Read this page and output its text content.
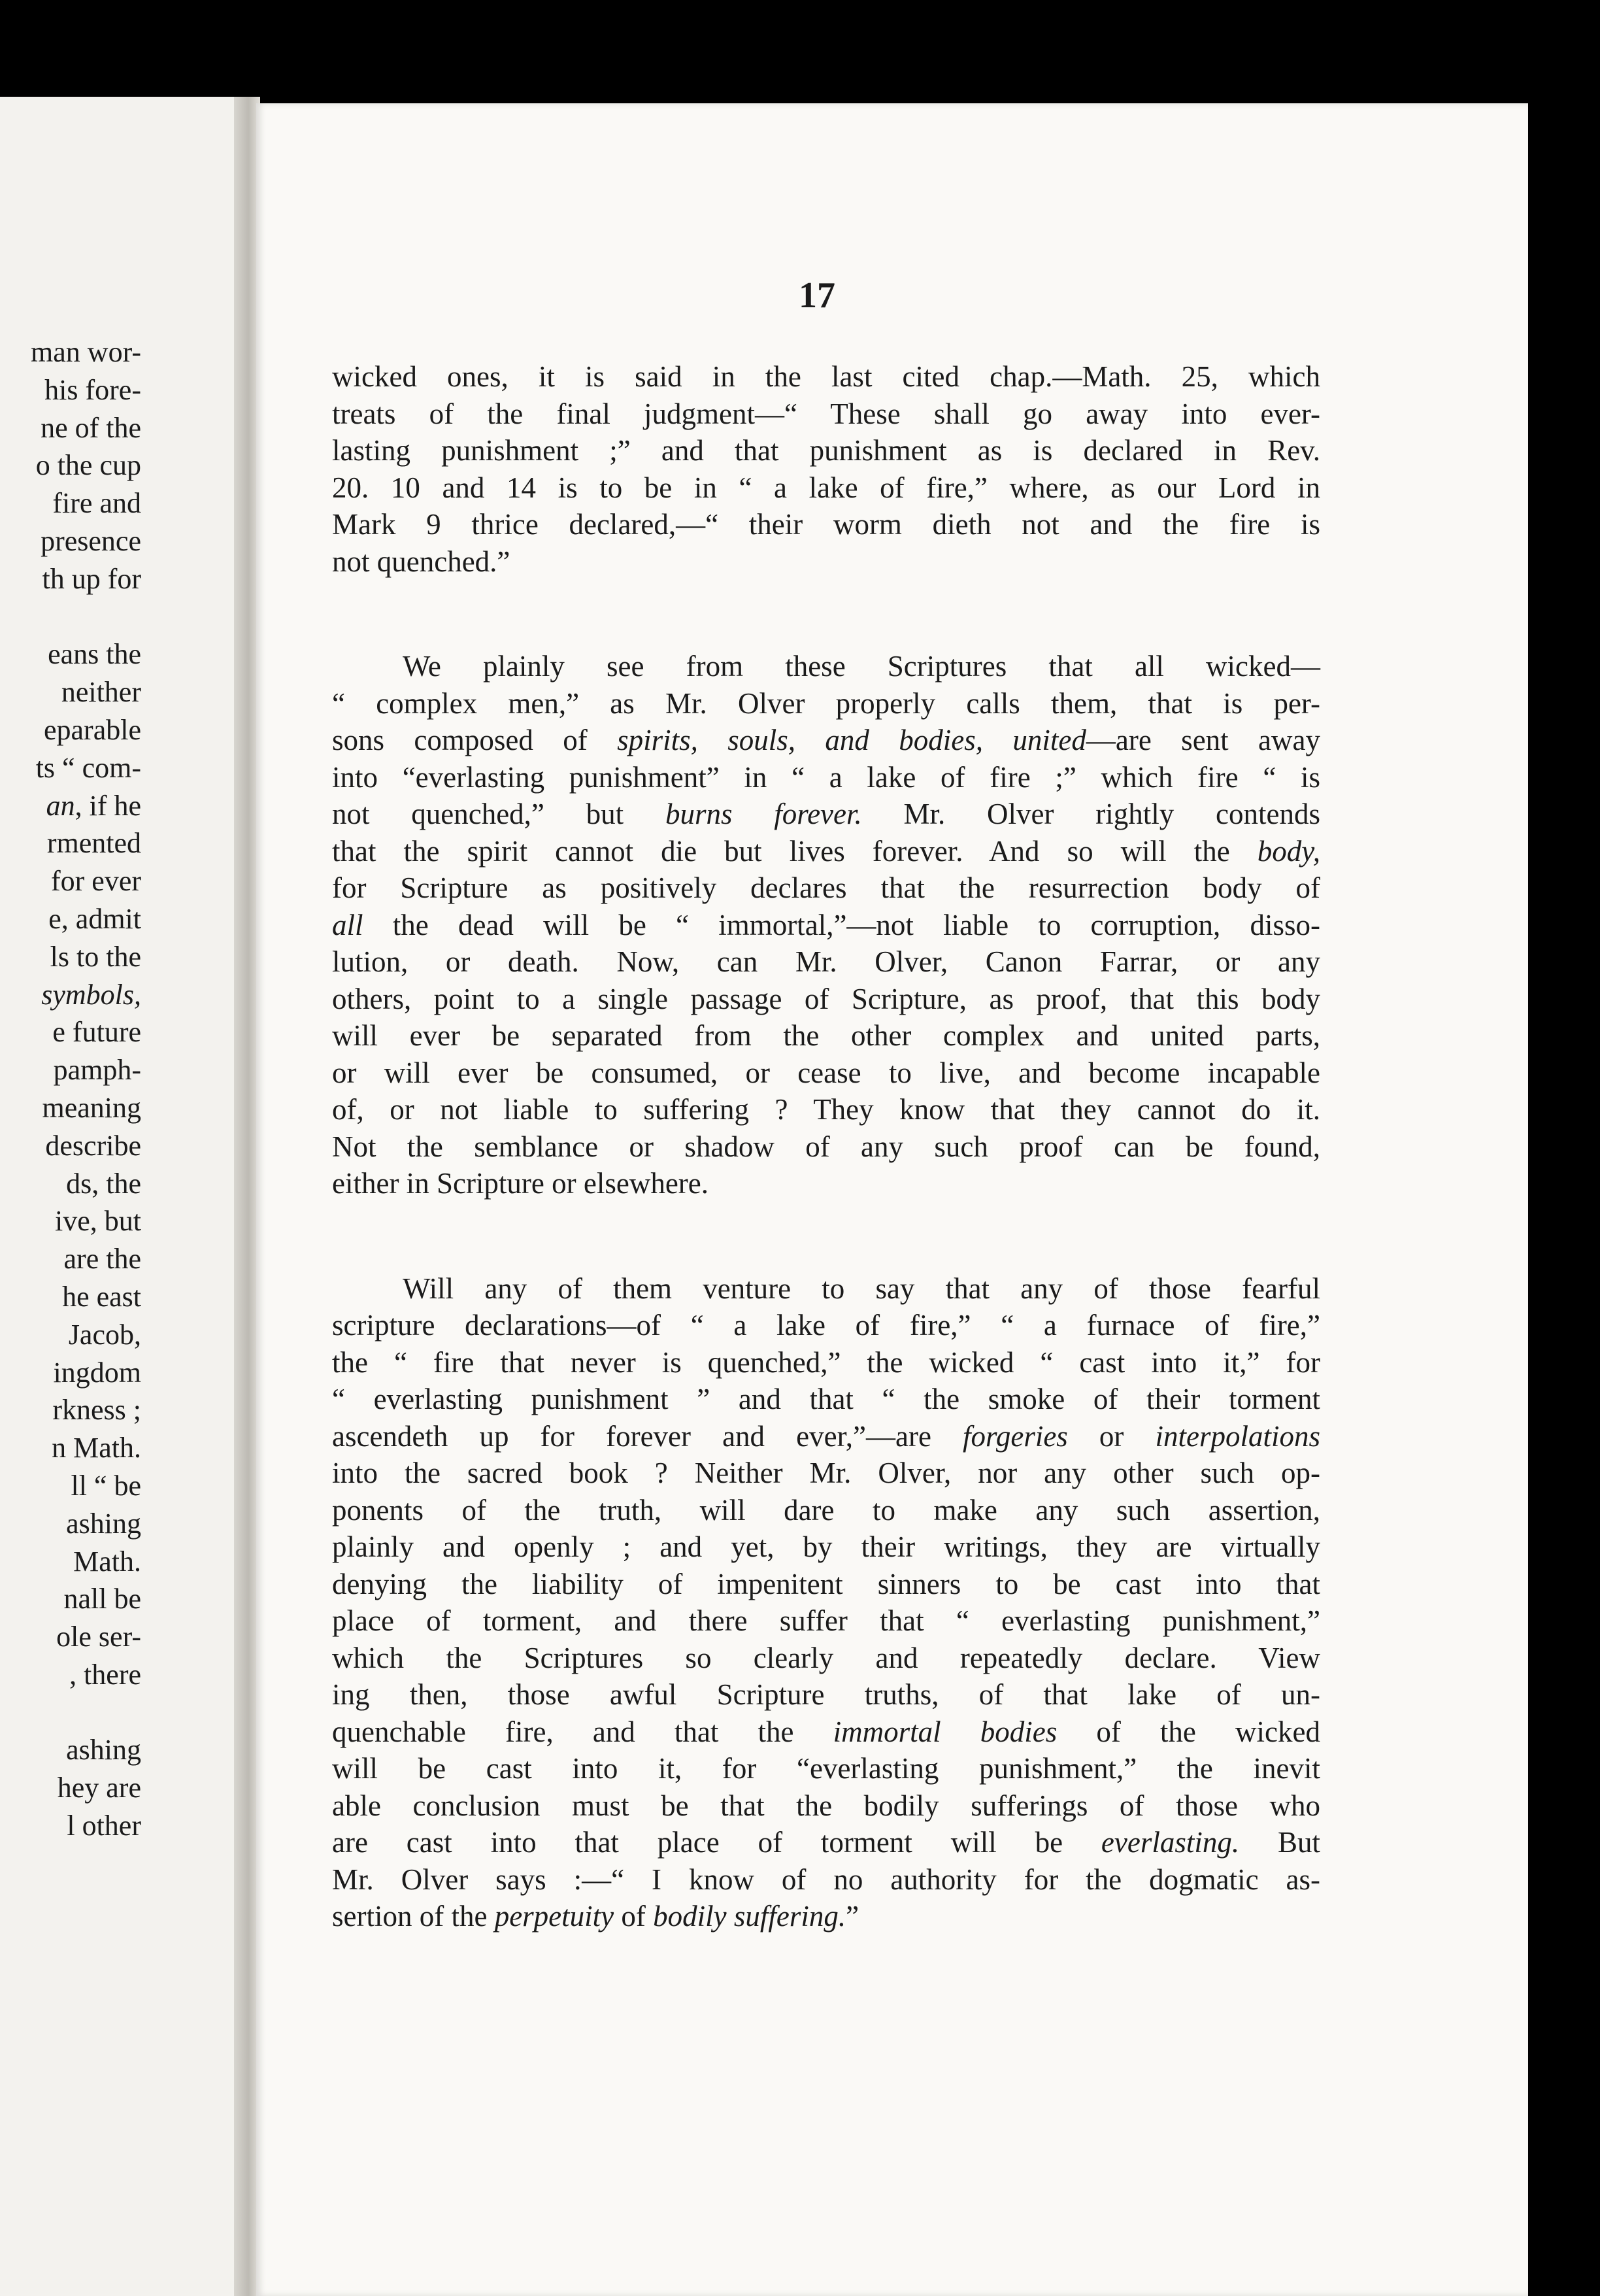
man wor-
his fore-
ne of the
o the cup
fire and
presence
th up for
eans the
neither
eparable
ts “ com-
an, if he
rmented
for ever
e, admit
ls to the
symbols,
e future
pamph-
meaning
describe
ds, the
ive, but
are the
he east
Jacob,
ingdom
rkness ;
n Math.
ll “ be
ashing
Math.
nall be
ole ser-
, there
ashing
hey are
l other
17

wicked ones, it is said in the last cited chap.—Math. 25, which

treats of the final judgment—“ These shall go away into ever-

lasting punishment ;” and that punishment as is declared in Rev.

20. 10 and 14 is to be in “ a lake of fire,” where, as our Lord in

Mark 9 thrice declared,—“ their worm dieth not and the fire is

not quenched.”

We plainly see from these Scriptures that all wicked—

“ complex men,” as Mr. Olver properly calls them, that is per-

sons composed of spirits, souls, and bodies, united—are sent away

into “everlasting punishment” in “ a lake of fire ;” which fire “ is

not quenched,” but burns forever. Mr. Olver rightly contends

that the spirit cannot die but lives forever. And so will the body,

for Scripture as positively declares that the resurrection body of

all the dead will be “ immortal,”—not liable to corruption, disso-

lution, or death. Now, can Mr. Olver, Canon Farrar, or any

others, point to a single passage of Scripture, as proof, that this body

will ever be separated from the other complex and united parts,

or will ever be consumed, or cease to live, and become incapable

of, or not liable to suffering ? They know that they cannot do it.

Not the semblance or shadow of any such proof can be found,

either in Scripture or elsewhere.

Will any of them venture to say that any of those fearful

scripture declarations—of “ a lake of fire,” “ a furnace of fire,”

the “ fire that never is quenched,” the wicked “ cast into it,” for

“ everlasting punishment ” and that “ the smoke of their torment

ascendeth up for forever and ever,”—are forgeries or interpolations

into the sacred book ? Neither Mr. Olver, nor any other such op-

ponents of the truth, will dare to make any such assertion,

plainly and openly ; and yet, by their writings, they are virtually

denying the liability of impenitent sinners to be cast into that

place of torment, and there suffer that “ everlasting punishment,”

which the Scriptures so clearly and repeatedly declare. View

ing then, those awful Scripture truths, of that lake of un-

quenchable fire, and that the immortal bodies of the wicked

will be cast into it, for “everlasting punishment,” the inevit

able conclusion must be that the bodily sufferings of those who

are cast into that place of torment will be everlasting. But

Mr. Olver says :—“ I know of no authority for the dogmatic as-

sertion of the perpetuity of bodily suffering.”
